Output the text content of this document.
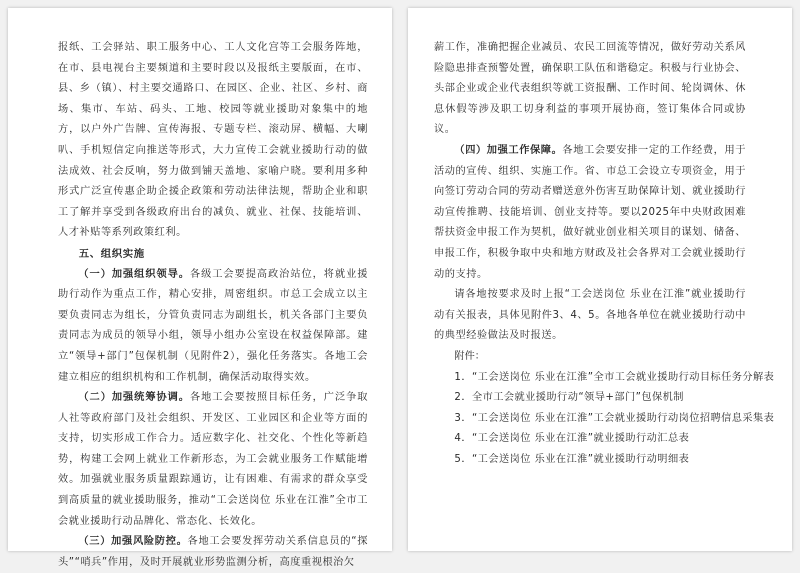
报纸、工会驿站、职工服务中心、工人文化宫等工会服务阵地，在市、县电视台主要频道和主要时段以及报纸主要版面，在市、县、乡（镇）、村主要交通路口、在园区、企业、社区、乡村、商场、集市、车站、码头、工地、校园等就业援助对象集中的地方，以户外广告牌、宣传海报、专题专栏、滚动屏、横幅、大喇叭、手机短信定向推送等形式，大力宣传工会就业援助行动的做法成效、社会反响，努力做到铺天盖地、家喻户晓。要利用多种形式广泛宣传惠企助企援企政策和劳动法律法规，帮助企业和职工了解并享受到各级政府出台的减负、就业、社保、技能培训、人才补贴等系列政策红利。

五、组织实施

（一）加强组织领导。各级工会要提高政治站位，将就业援助行动作为重点工作，精心安排，周密组织。市总工会成立以主要负责同志为组长，分管负责同志为副组长，机关各部门主要负责同志为成员的领导小组，领导小组办公室设在权益保障部。建立“领导+部门”包保机制（见附件2），强化任务落实。各地工会建立相应的组织机构和工作机制，确保活动取得实效。

（二）加强统筹协调。各地工会要按照目标任务，广泛争取人社等政府部门及社会组织、开发区、工业园区和企业等方面的支持，切实形成工作合力。适应数字化、社交化、个性化等新趋势，构建工会网上就业工作新形态，为工会就业服务工作赋能增效。加强就业服务质量跟踪通访，让有困难、有需求的群众享受到高质量的就业援助服务，推动“工会送岗位 乐业在江淮”全市工会就业援助行动品牌化、常态化、长效化。

（三）加强风险防控。各地工会要发挥劳动关系信息员的“探头”“哨兵”作用，及时开展就业形势监测分析，高度重视根治欠

薪工作，准确把握企业减员、农民工回流等情况，做好劳动关系风险隐患排查预警处置，确保职工队伍和谐稳定。积极与行业协会、头部企业或企业代表组织等就工资报酬、工作时间、轮岗调休、休息休假等涉及职工切身利益的事项开展协商，签订集体合同或协议。

（四）加强工作保障。各地工会要安排一定的工作经费，用于活动的宣传、组织、实施工作。省、市总工会设立专项资金，用于向签订劳动合同的劳动者赠送意外伤害互助保障计划、就业援助行动宣传推聘、技能培训、创业支持等。要以2025年中央财政困难帮扶资金申报工作为契机，做好就业创业相关项目的谋划、储备、申报工作，积极争取中央和地方财政及社会各界对工会就业援助行动的支持。

请各地按要求及时上报“工会送岗位 乐业在江淮”就业援助行动有关报表，具体见附件3、4、5。各地各单位在就业援助行动中的典型经验做法及时报送。

附件：

1．“工会送岗位 乐业在江淮”全市工会就业援助行动目标任务分解表
2．全市工会就业援助行动“领导+部门”包保机制
3．“工会送岗位 乐业在江淮”工会就业援助行动岗位招聘信息采集表
4．“工会送岗位 乐业在江淮”就业援助行动汇总表
5．“工会送岗位 乐业在江淮”就业援助行动明细表
